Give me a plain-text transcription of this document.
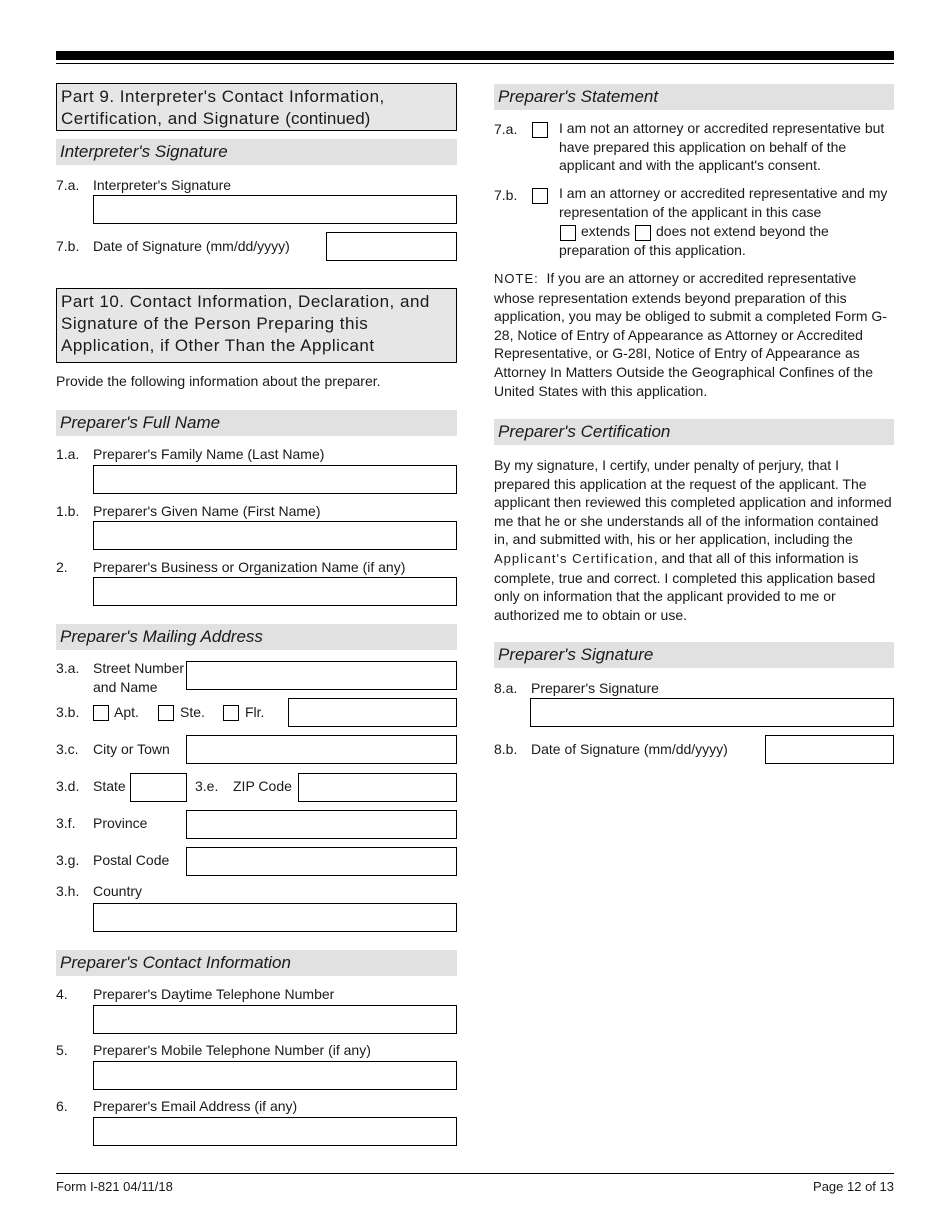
Part 9. Interpreter's Contact Information, Certification, and Signature (continued)
Interpreter's Signature
7.a. Interpreter's Signature
7.b. Date of Signature (mm/dd/yyyy)
Part 10. Contact Information, Declaration, and Signature of the Person Preparing this Application, if Other Than the Applicant
Provide the following information about the preparer.
Preparer's Full Name
1.a. Preparer's Family Name (Last Name)
1.b. Preparer's Given Name (First Name)
2. Preparer's Business or Organization Name (if any)
Preparer's Mailing Address
3.a. Street Number
and Name
3.b. Apt.	Ste.	Flr.
3.c. City or Town
3.d. State	3.e. ZIP Code
3.f. Province
3.g. Postal Code
3.h. Country
Preparer's Contact Information
4. Preparer's Daytime Telephone Number
5. Preparer's Mobile Telephone Number (if any)
6. Preparer's Email Address (if any)
Preparer's Statement
7.a.	I am not an attorney or accredited representative but have prepared this application on behalf of the applicant and with the applicant's consent.
7.b.	I am an attorney or accredited representative and my representation of the applicant in this case
extends does not extend beyond the
preparation of this application.
NOTE: If you are an attorney or accredited representative whose representation extends beyond preparation of this application, you may be obliged to submit a completed Form G-28, Notice of Entry of Appearance as Attorney or Accredited Representative, or G-28I, Notice of Entry of Appearance as Attorney In Matters Outside the Geographical Confines of the United States with this application.
Preparer's Certification
By my signature, I certify, under penalty of perjury, that I prepared this application at the request of the applicant. The applicant then reviewed this completed application and informed me that he or she understands all of the information contained in, and submitted with, his or her application, including the Applicant's Certification, and that all of this information is complete, true and correct. I completed this application based only on information that the applicant provided to me or authorized me to obtain or use.
Preparer's Signature
8.a. Preparer's Signature
8.b. Date of Signature (mm/dd/yyyy)
Form I-821 04/11/18	Page 12 of 13
